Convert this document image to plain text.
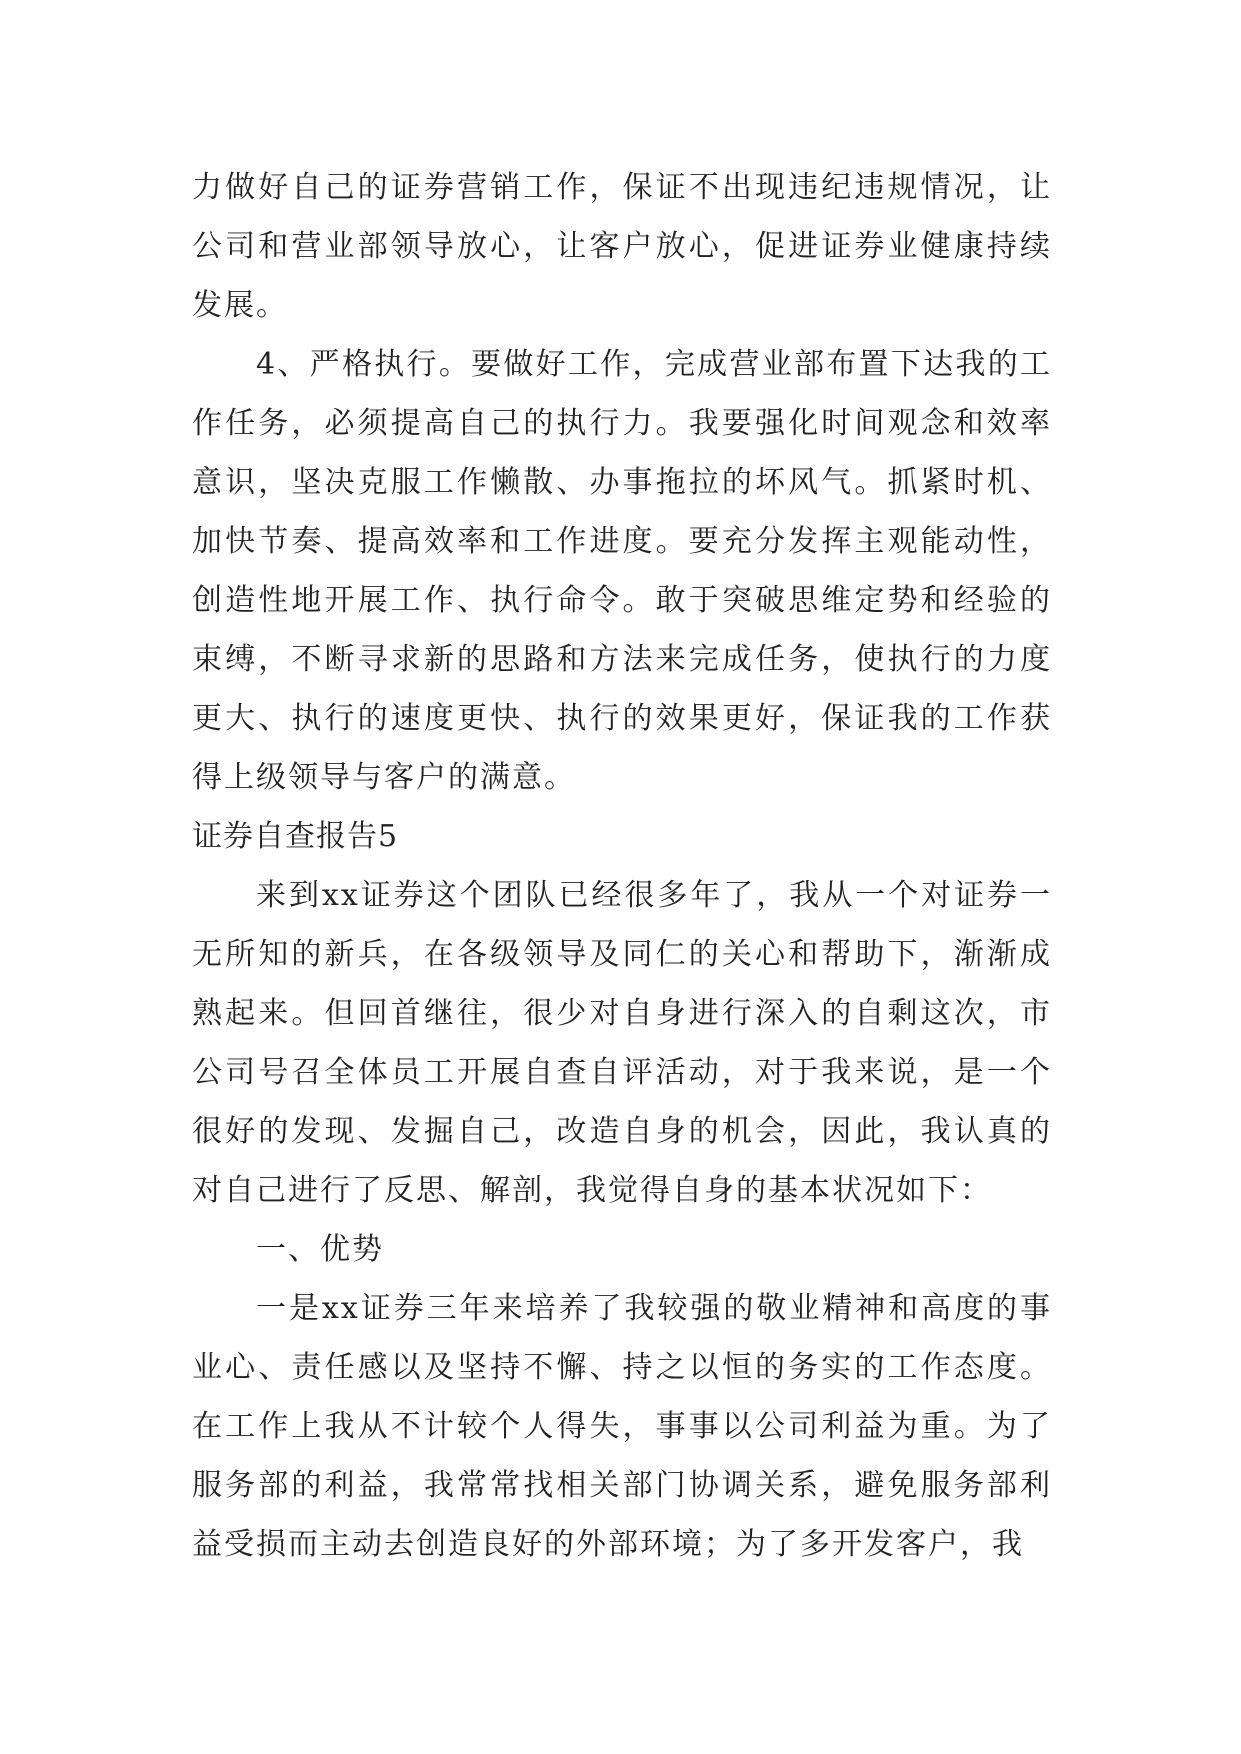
力做好自己的证券营销工作，保证不出现违纪违规情况，让公司和营业部领导放心，让客户放心，促进证券业健康持续发展。

4、严格执行。要做好工作，完成营业部布置下达我的工作任务，必须提高自己的执行力。我要强化时间观念和效率意识，坚决克服工作懒散、办事拖拉的坏风气。抓紧时机、加快节奏、提高效率和工作进度。要充分发挥主观能动性，创造性地开展工作、执行命令。敢于突破思维定势和经验的束缚，不断寻求新的思路和方法来完成任务，使执行的力度更大、执行的速度更快、执行的效果更好，保证我的工作获得上级领导与客户的满意。

证券自查报告5

来到xx证券这个团队已经很多年了，我从一个对证券一无所知的新兵，在各级领导及同仁的关心和帮助下，渐渐成熟起来。但回首继往，很少对自身进行深入的自剩这次，市公司号召全体员工开展自查自评活动，对于我来说，是一个很好的发现、发掘自己，改造自身的机会，因此，我认真的对自己进行了反思、解剖，我觉得自身的基本状况如下：

一、优势

一是xx证券三年来培养了我较强的敬业精神和高度的事业心、责任感以及坚持不懈、持之以恒的务实的工作态度。在工作上我从不计较个人得失，事事以公司利益为重。为了服务部的利益，我常常找相关部门协调关系，避免服务部利益受损而主动去创造良好的外部环境；为了多开发客户，我
